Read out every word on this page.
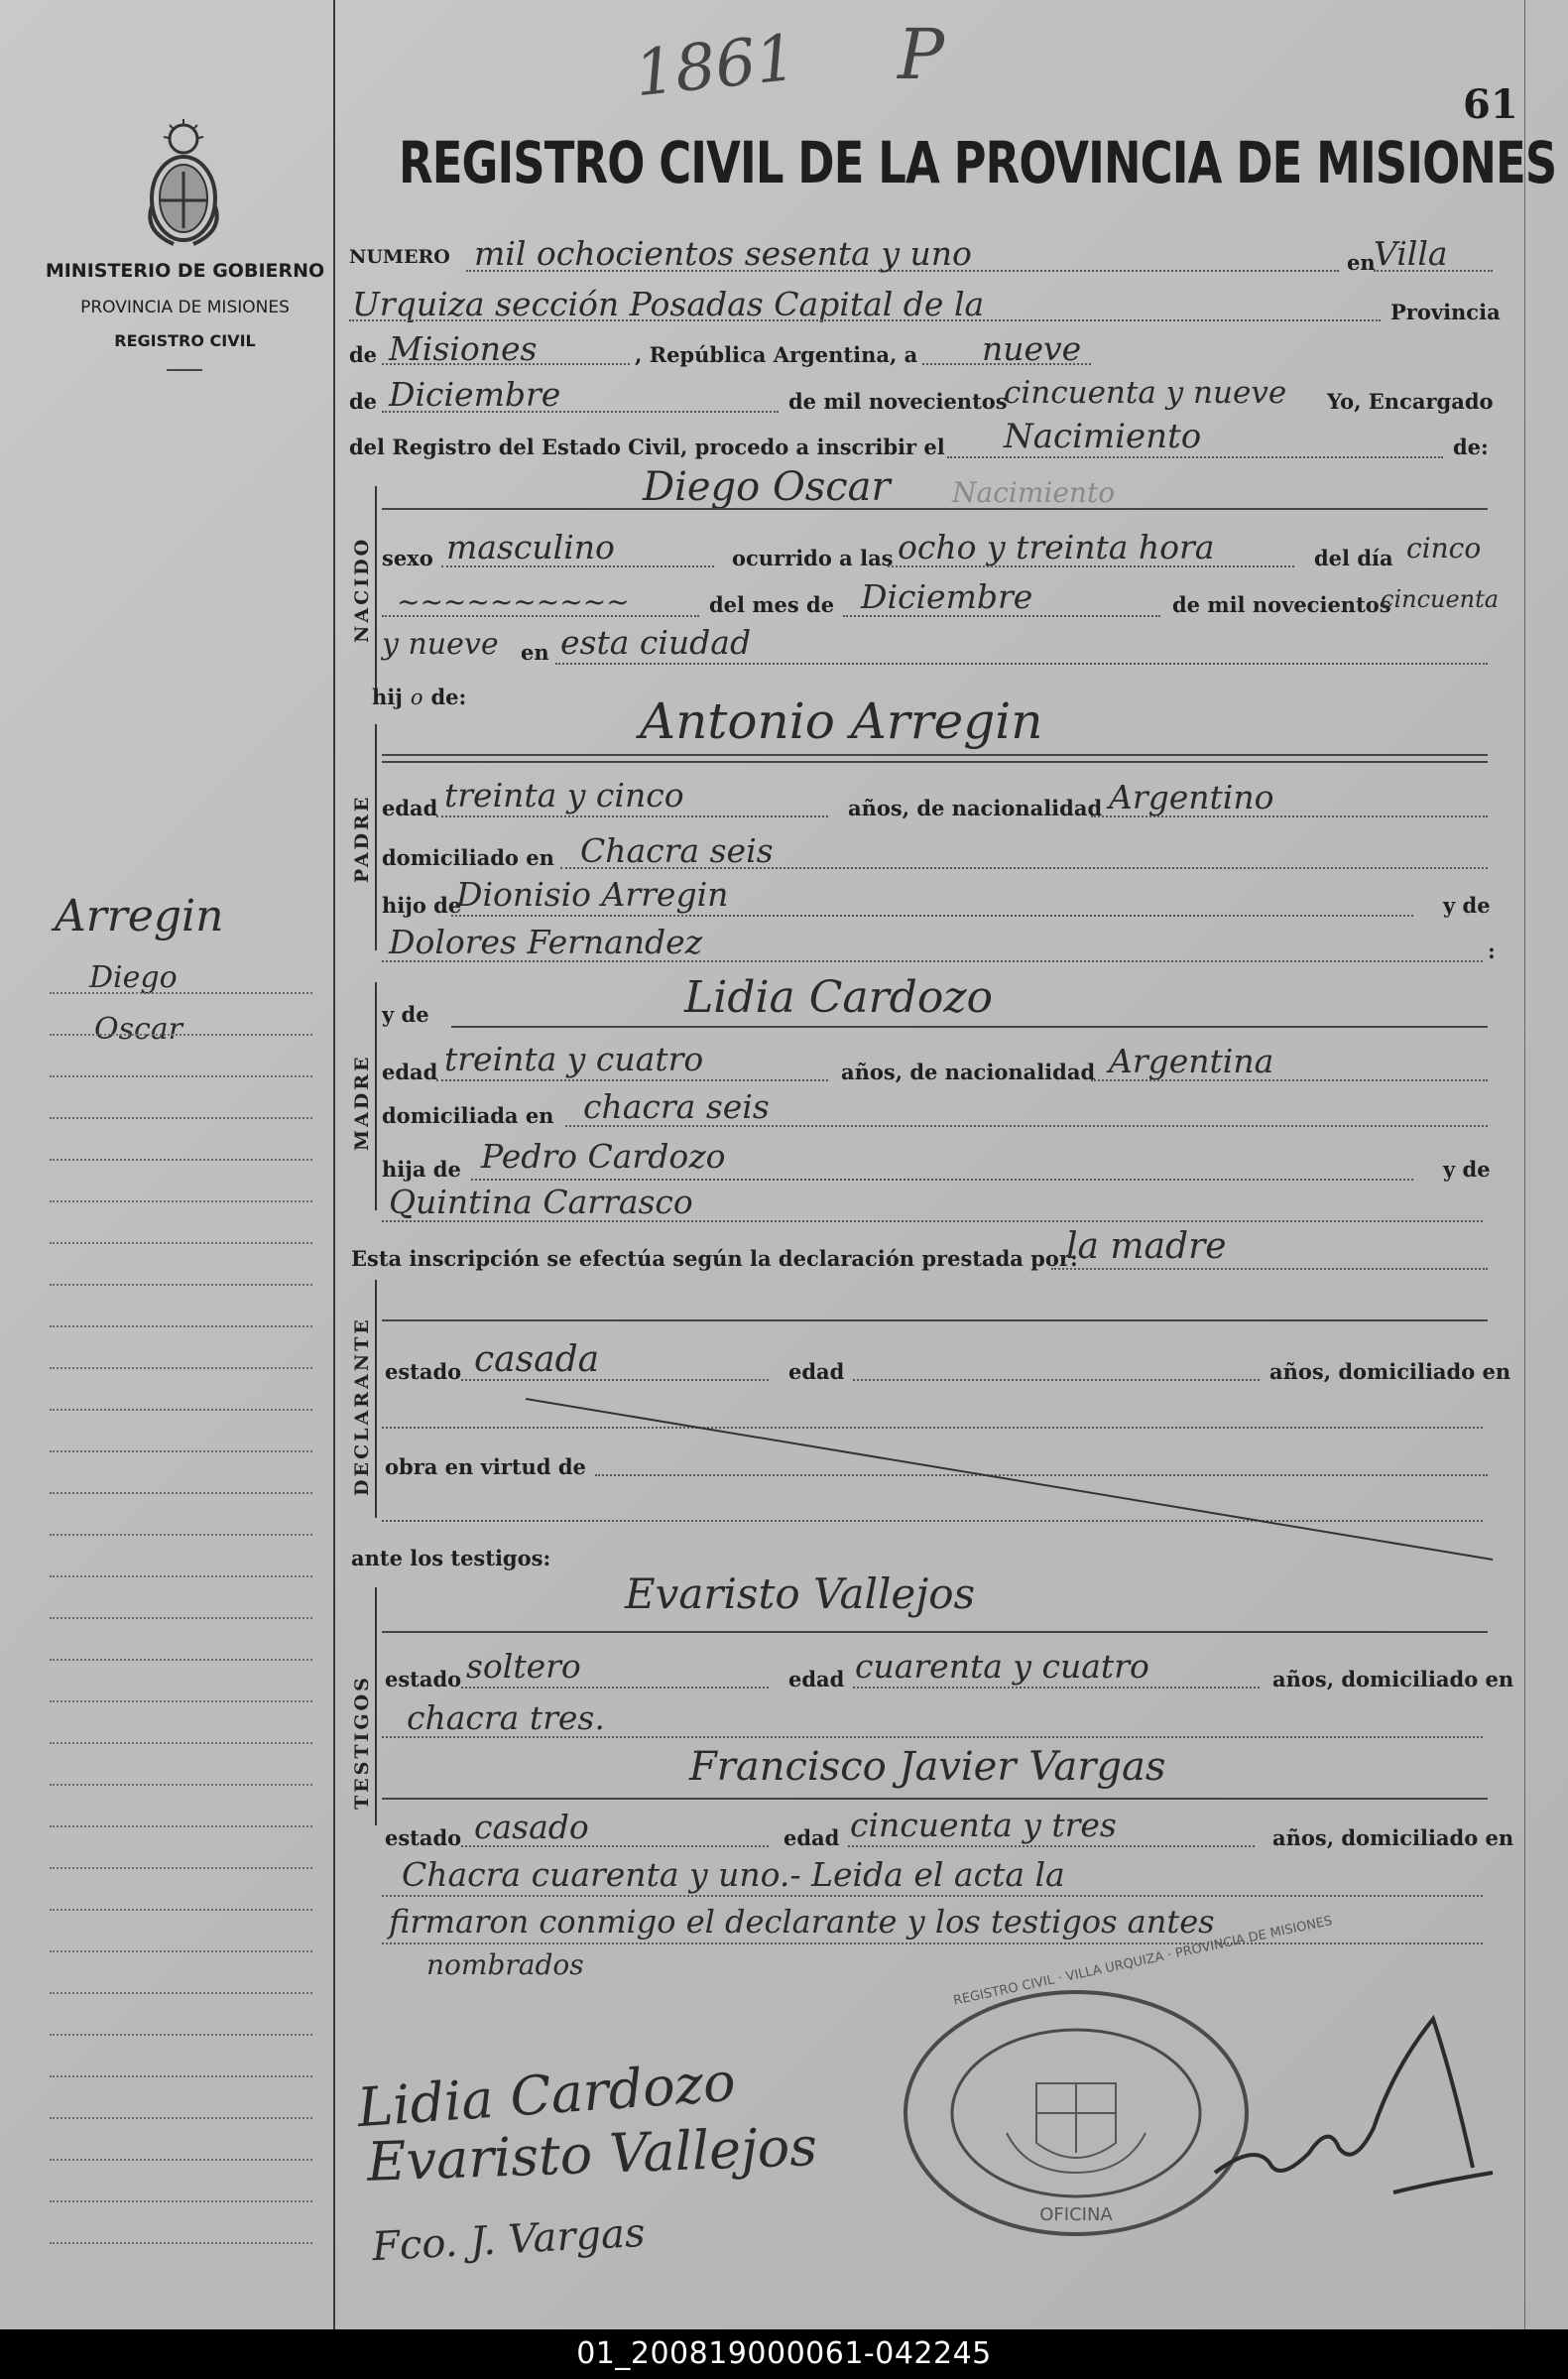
1861 P
61
REGISTRO CIVIL DE LA PROVINCIA DE MISIONES
MINISTERIO DE GOBIERNO
PROVINCIA DE MISIONES
REGISTRO CIVIL
Arregin
Diego
Oscar
NUMERO mil ochocientos sesenta y uno	en
Villa
Urquiza sección Posadas Capital de la	Provincia
de Misiones	, República Argentina, a nueve
de Diciembre	de mil novecientos
cincuenta y nueve Yo, Encargado
del Registro del Estado Civil, procedo a inscribir el Nacimiento	de:
NACIDO
Diego Oscar Nacimiento
sexo masculino	ocurrido a las ocho y treinta hora	del día cinco
~~~~~~~~~~	del mes de Diciembre	de mil novecientos
cincuenta
y nueve en esta ciudad
hij o de:
PADRE
Antonio Arregin
edad treinta y cinco	años, de nacionalidad Argentino
domiciliado en Chacra seis
hijo de
Dionisio Arregin	y de
Dolores Fernandez	:
MADRE
y de	Lidia Cardozo
edad treinta y cuatro	años, de nacionalidad Argentina
domiciliada en chacra seis
hija de Pedro Cardozo	y de
Quintina Carrasco
Esta inscripción se efectúa según la declaración prestada por:
la madre
DECLARANTE estado casada	edad	años, domiciliado en
obra en virtud de
ante los testigos:
TESTIGOS
Evaristo Vallejos
estado soltero	edad cuarenta y cuatro	años, domiciliado en
chacra tres.
Francisco Javier Vargas
estado casado	edad cincuenta y tres	años, domiciliado en
Chacra cuarenta y uno.- Leida el acta la
firmaron conmigo el declarante y los testigos antes
nombrados
OFICINA
REGISTRO CIVIL · VILLA URQUIZA · PROVINCIA DE MISIONES
Lidia Cardozo
Evaristo Vallejos
Fco. J. Vargas
01_200819000061-042245
